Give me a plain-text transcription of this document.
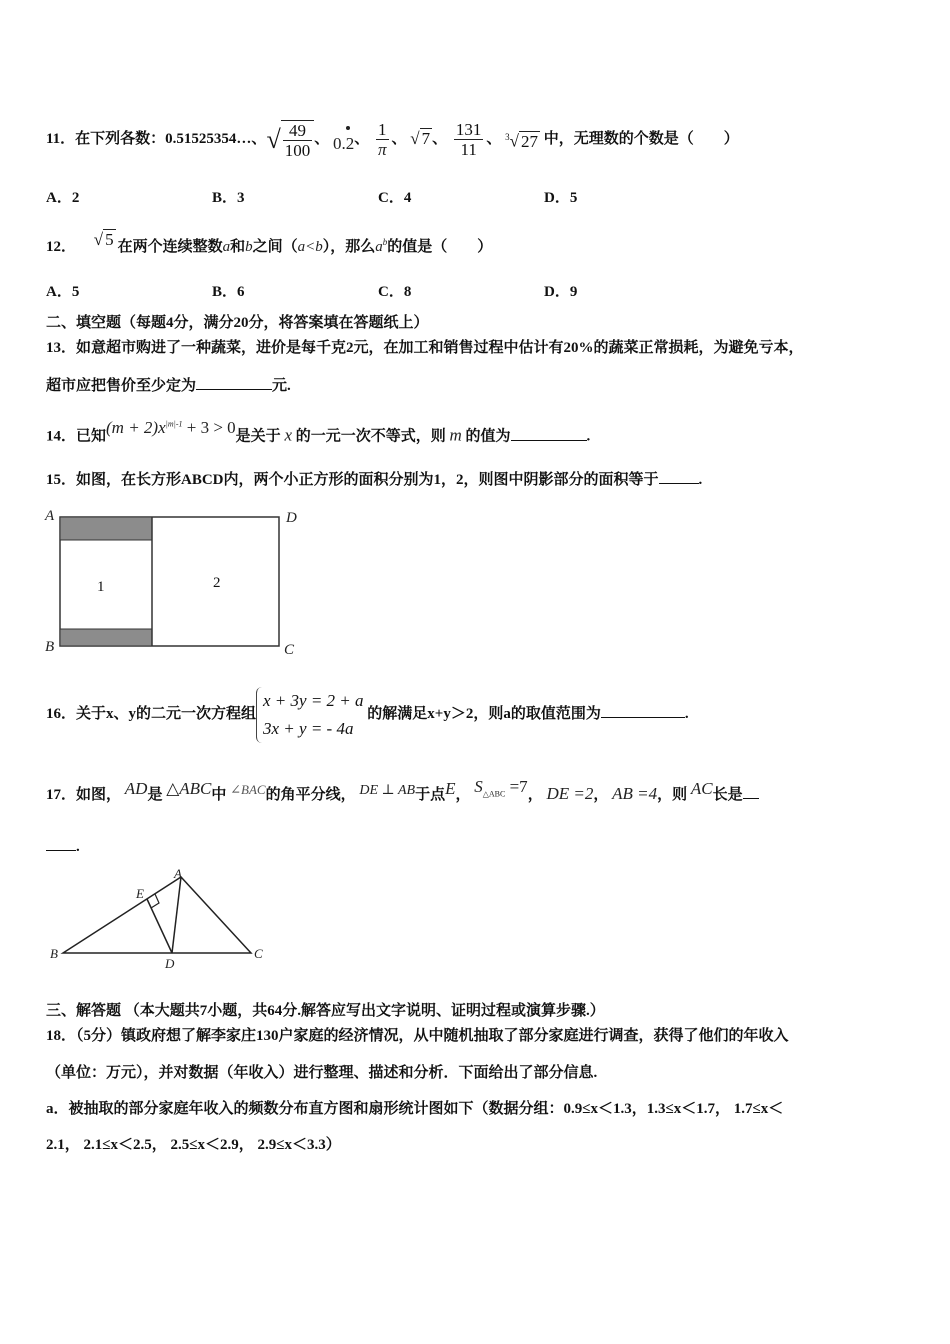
11．在下列各数：0.51525354…、√ $\frac{49}{100}$ 、 0.2
、 $\frac{1}{\pi}$ 、 √ 7 、 $\frac{131}{11}$ 、 $^3$√ 27 中，无理数的个数是（　　）
A．2	B．3	C．4	D．5
12． √ 5 在两个连续整数a和b之间（a<b），那么$a^b$的值是（　　）
A．5	B．6	C．8	D．9
二、填空题（每题4分，满分20分，将答案填在答题纸上）
13．如意超市购进了一种蔬菜，进价是每千克2元，在加工和销售过程中估计有20%的蔬菜正常损耗，为避免亏本，
超市应把售价至少定为	元.
14．已知$(m + 2)x^{|m|-1} + 3 > 0$是关于 x 的一元一次不等式，则 m 的值为	.
15．如图，在长方形ABCD内，两个小正方形的面积分别为1，2，则图中阴影部分的面积等于	.
A	D
B	C
1	2
16．关于x、y的二元一次方程组
x + 3y = 2 + a
3x + y = - 4a
的解满足x+y＞2，则a的取值范围为	.
17．如图， AD是 △ABC中 ∠BAC的角平分线， DE ⊥ AB于点E， $S_{\triangle ABC} =7$， DE =2， AB =4，则 AC长是
.
A
E
B
D
C
三、解答题 （本大题共7小题，共64分.解答应写出文字说明、证明过程或演算步骤.）
18．（5分）镇政府想了解李家庄130户家庭的经济情况，从中随机抽取了部分家庭进行调查，获得了他们的年收入
（单位：万元），并对数据（年收入）进行整理、描述和分析．下面给出了部分信息.
a．被抽取的部分家庭年收入的频数分布直方图和扇形统计图如下（数据分组：0.9≤x＜1.3，1.3≤x＜1.7， 1.7≤x＜
2.1， 2.1≤x＜2.5， 2.5≤x＜2.9， 2.9≤x＜3.3）
